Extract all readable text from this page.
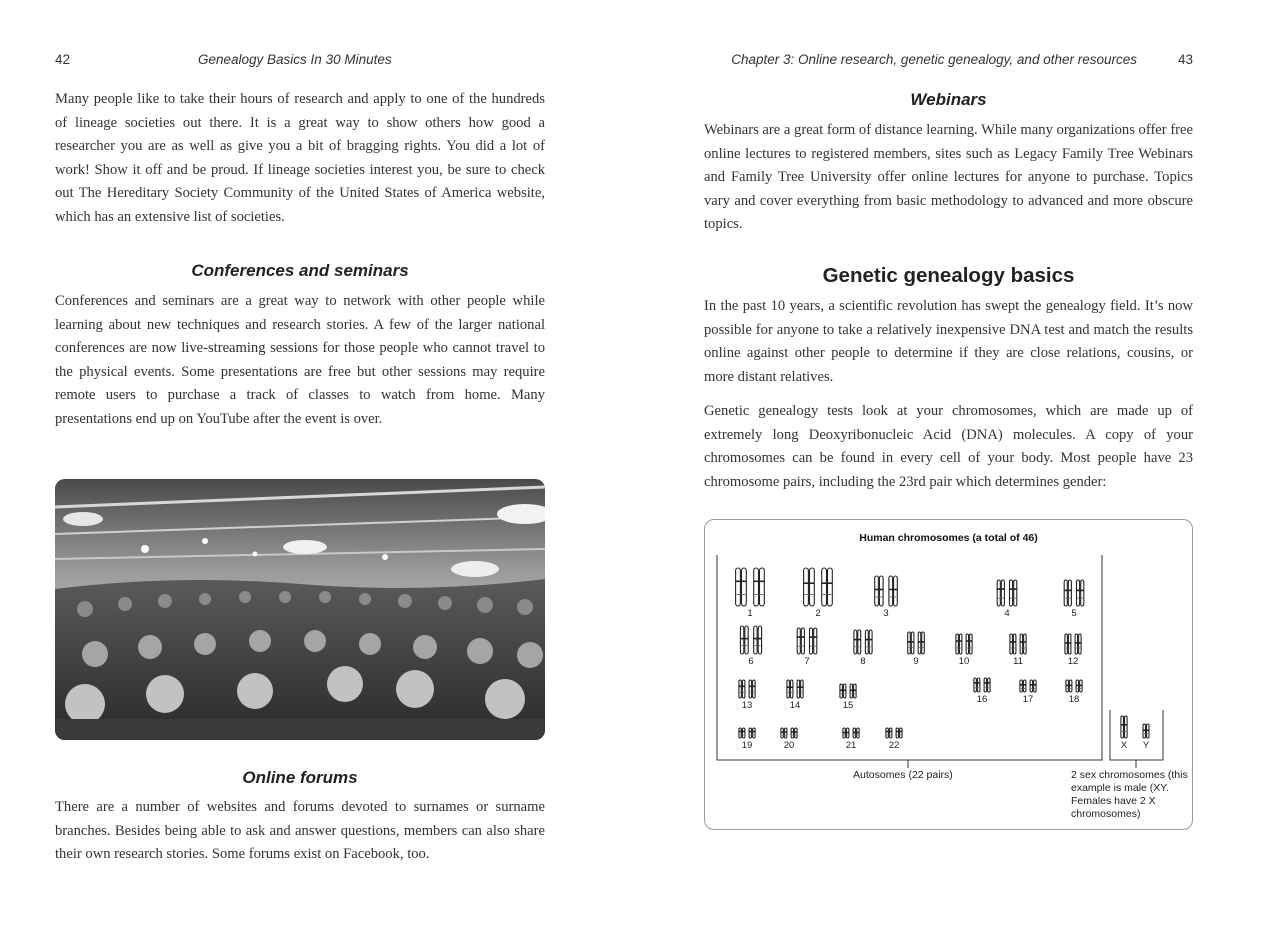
42	Genealogy Basics In 30 Minutes

Many people like to take their hours of research and apply to one of the hundreds of lineage societies out there. It is a great way to show others how good a researcher you are as well as give you a bit of bragging rights. You did a lot of work! Show it off and be proud. If lineage societies interest you, be sure to check out The Hereditary Society Community of the United States of America website, which has an extensive list of societies.

Conferences and seminars

Conferences and seminars are a great way to network with other people while learning about new techniques and research stories. A few of the larger national conferences are now live-streaming sessions for those people who cannot travel to the physical events. Some presentations are free but other sessions may require remote users to purchase a track of classes to watch from home. Many presentations end up on YouTube after the event is over.

Online forums

There are a number of websites and forums devoted to surnames or surname branches. Besides being able to ask and answer questions, members can also share their own research stories. Some forums exist on Facebook, too.

Chapter 3: Online research, genetic genealogy, and other resources	43
Webinars

Webinars are a great form of distance learning. While many organizations offer free online lectures to registered members, sites such as Legacy Family Tree Webinars and Family Tree University offer online lectures for anyone to purchase. Topics vary and cover everything from basic methodology to advanced and more obscure topics.

Genetic genealogy basics

In the past 10 years, a scientific revolution has swept the genealogy field. It’s now possible for anyone to take a relatively inexpensive DNA test and match the results online against other people to determine if they are close relations, cousins, or more distant relatives.

Genetic genealogy tests look at your chromosomes, which are made up of extremely long Deoxyribonucleic Acid (DNA) molecules. A copy of your chromosomes can be found in every cell of your body. Most people have 23 chromosome pairs, including the 23rd pair which determines gender:

Human chromosomes (a total of 46)
1	2	3	4	5
6	7	8	9	10	11	12
13	14	15
16	17	18
19	20	21	22	X Y
Autosomes (22 pairs)	2 sex chromosomes (this example is male (XY. Females have 2 X chromosomes)
